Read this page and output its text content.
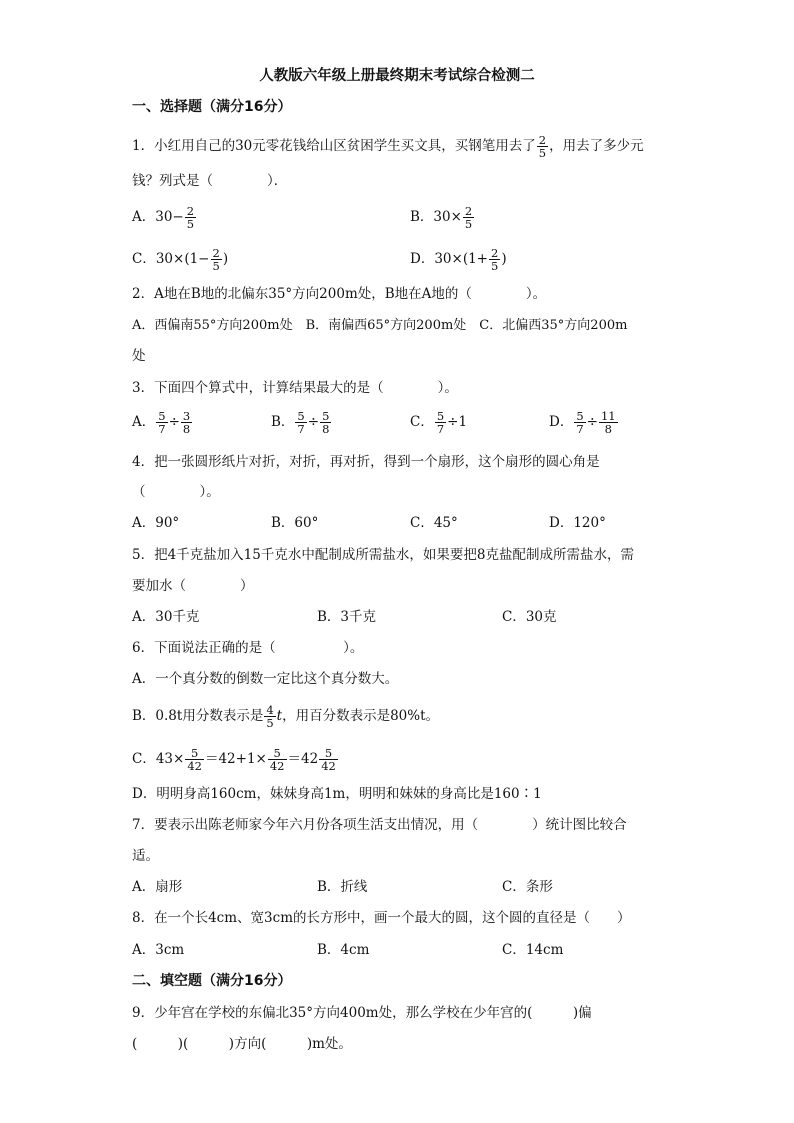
人教版六年级上册最终期末考试综合检测二
一、选择题（满分16分）
1．小红用自己的30元零花钱给山区贫困学生买文具，买钢笔用去了 $\frac{2}{5}$ ，用去了多少元
钱？列式是（　　　　）．
A．$30- \frac{2}{5}$	B．$30\times \frac{2}{5}$
C．$30\times(1- \frac{2}{5}$ )	D．$30\times(1+ \frac{2}{5}$ )
2．A地在B地的北偏东35°方向200m处，B地在A地的（　　　　）。
A．西偏南55°方向200m处　B．南偏西65°方向200m处　C．北偏西35°方向200m
处
3．下面四个算式中，计算结果最大的是（　　　　）。
A． $\frac{5}{7} \div \frac{3}{8}$	B． $\frac{5}{7} \div \frac{5}{8}$	C． $\frac{5}{7} \div 1$	D． $\frac{5}{7} \div \frac{11}{8}$
4．把一张圆形纸片对折，对折，再对折，得到一个扇形，这个扇形的圆心角是
（　　　　）。
A．90°	B．60°	C．45°	D．120°
5．把4千克盐加入15千克水中配制成所需盐水，如果要把8克盐配制成所需盐水，需
要加水（　　　　）
A．30千克	B．3千克	C．30克
6．下面说法正确的是（　　　　　）。
A．一个真分数的倒数一定比这个真分数大。
B．0.8t用分数表示是 $\frac{4}{5}$ t，用百分数表示是80%t。
C．$43\times \frac{5}{42} =42+1\times \frac{5}{42} =42 \frac{5}{42}$
D．明明身高160cm，妹妹身高1m，明明和妹妹的身高比是160∶1
7．要表示出陈老师家今年六月份各项生活支出情况，用（　　　　）统计图比较合
适。
A．扇形	B．折线	C．条形
8．在一个长4cm、宽3cm的长方形中，画一个最大的圆，这个圆的直径是（　　）
A．3cm	B．4cm	C．14cm
二、填空题（满分16分）
9．少年宫在学校的东偏北35°方向400m处，那么学校在少年宫的(　　　)偏
(　　　)(　　　)方向(　　　)m处。
